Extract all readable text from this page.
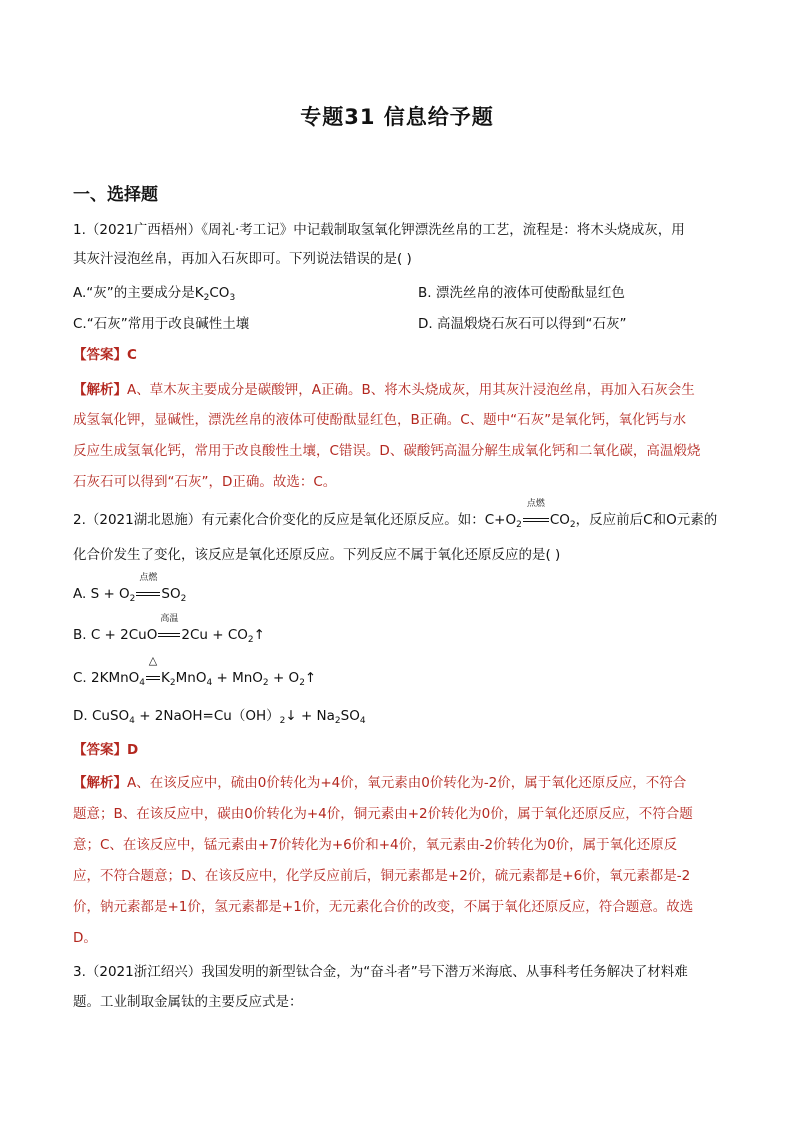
专题31 信息给予题
一、选择题
1.（2021广西梧州）《周礼·考工记》中记载制取氢氧化钾漂洗丝帛的工艺，流程是：将木头烧成灰，用
其灰汁浸泡丝帛，再加入石灰即可。下列说法错误的是( )
A.“灰”的主要成分是$K_2CO_3$	B. 漂洗丝帛的液体可使酚酞显红色
C.“石灰”常用于改良碱性土壤	D. 高温煅烧石灰石可以得到“石灰”
【答案】C
【解析】A、草木灰主要成分是碳酸钾，A正确。B、将木头烧成灰，用其灰汁浸泡丝帛，再加入石灰会生
成氢氧化钾，显碱性，漂洗丝帛的液体可使酚酞显红色，B正确。C、题中“石灰”是氧化钙，氧化钙与水
反应生成氢氧化钙，常用于改良酸性土壤，C错误。D、碳酸钙高温分解生成氧化钙和二氧化碳，高温煅烧
石灰石可以得到“石灰”，D正确。故选：C。
2.（2021湖北恩施）有元素化合价变化的反应是氧化还原反应。如：$C+O_2$
点燃
$CO_2$，反应前后C和O元素的
化合价发生了变化，该反应是氧化还原反应。下列反应不属于氧化还原反应的是( )
A. $S + O_2$
点燃
$SO_2$
B. C + 2CuO
高温
$2Cu + CO_2↑$
C. 2KMnO$_4$
△
$K_2MnO_4 + MnO_2$ + $O_2↑$
D. CuSO$_4$ + $2NaOH=Cu(OH)_2↓ + Na_2SO_4$
【答案】D
【解析】A、在该反应中，硫由0价转化为+4价，氧元素由0价转化为-2价，属于氧化还原反应，不符合
题意；B、在该反应中，碳由0价转化为+4价，铜元素由+2价转化为0价，属于氧化还原反应，不符合题
意；C、在该反应中，锰元素由+7价转化为+6价和+4价，氧元素由-2价转化为0价，属于氧化还原反
应，不符合题意；D、在该反应中，化学反应前后，铜元素都是+2价，硫元素都是+6价，氧元素都是-2
价，钠元素都是+1价，氢元素都是+1价，无元素化合价的改变，不属于氧化还原反应，符合题意。故选
D。
3.（2021浙江绍兴）我国发明的新型钛合金，为“奋斗者”号下潜万米海底、从事科考任务解决了材料难
题。工业制取金属钛的主要反应式是：
